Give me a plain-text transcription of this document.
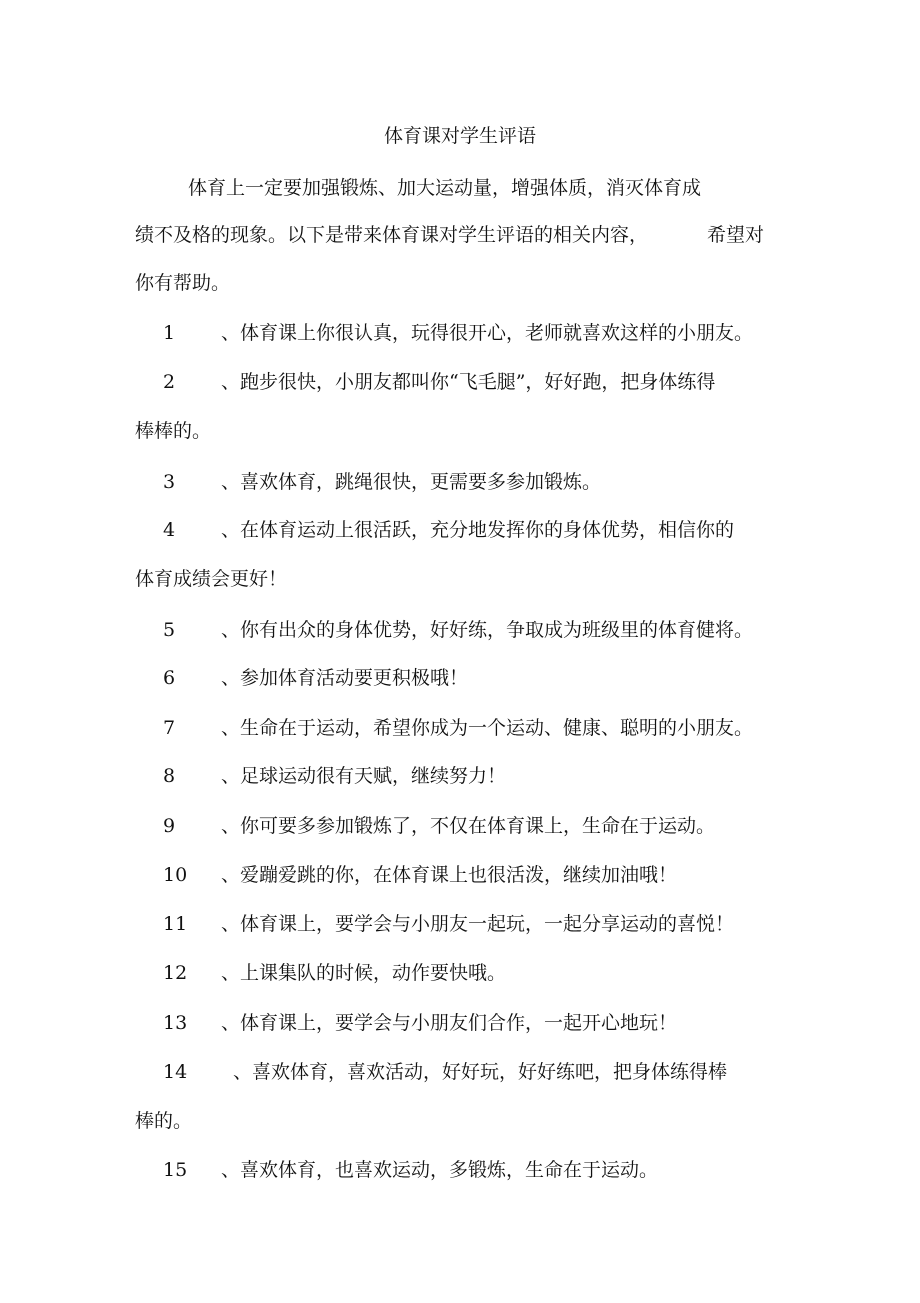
体育课对学生评语
体育上一定要加强锻炼、加大运动量，增强体质，消灭体育成
绩不及格的现象。以下是带来体育课对学生评语的相关内容，	希望对
你有帮助。
1 、体育课上你很认真，玩得很开心，老师就喜欢这样的小朋友。
2 、跑步很快，小朋友都叫你“飞毛腿”，好好跑，把身体练得
棒棒的。
3 、喜欢体育，跳绳很快，更需要多参加锻炼。
4 、在体育运动上很活跃，充分地发挥你的身体优势，相信你的
体育成绩会更好！
5 、你有出众的身体优势，好好练，争取成为班级里的体育健将。
6 、参加体育活动要更积极哦！
7 、生命在于运动，希望你成为一个运动、健康、聪明的小朋友。
8 、足球运动很有天赋，继续努力！
9 、你可要多参加锻炼了，不仅在体育课上，生命在于运动。
10 、爱蹦爱跳的你，在体育课上也很活泼，继续加油哦！
11 、体育课上，要学会与小朋友一起玩，一起分享运动的喜悦！
12 、上课集队的时候，动作要快哦。
13 、体育课上，要学会与小朋友们合作，一起开心地玩！
14 、喜欢体育，喜欢活动，好好玩，好好练吧，把身体练得棒
棒的。
15 、喜欢体育，也喜欢运动，多锻炼，生命在于运动。
